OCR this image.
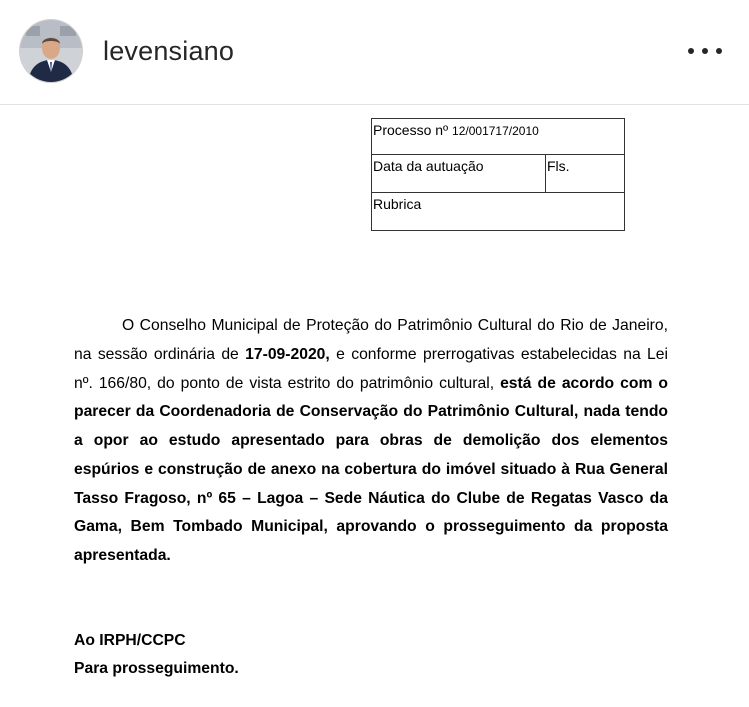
levensiano
Processo nº 12/001717/2010
Data da autuação	Fls.
Rubrica

O Conselho Municipal de Proteção do Patrimônio Cultural do Rio de Janeiro, na sessão ordinária de 17-09-2020, e conforme prerrogativas estabelecidas na Lei nº. 166/80, do ponto de vista estrito do patrimônio cultural, está de acordo com o parecer da Coordenadoria de Conservação do Patrimônio Cultural, nada tendo a opor ao estudo apresentado para obras de demolição dos elementos espúrios e construção de anexo na cobertura do imóvel situado à Rua General Tasso Fragoso, nº 65 – Lagoa – Sede Náutica do Clube de Regatas Vasco da Gama, Bem Tombado Municipal, aprovando o prosseguimento da proposta apresentada.

Ao IRPH/CCPC
Para prosseguimento.
